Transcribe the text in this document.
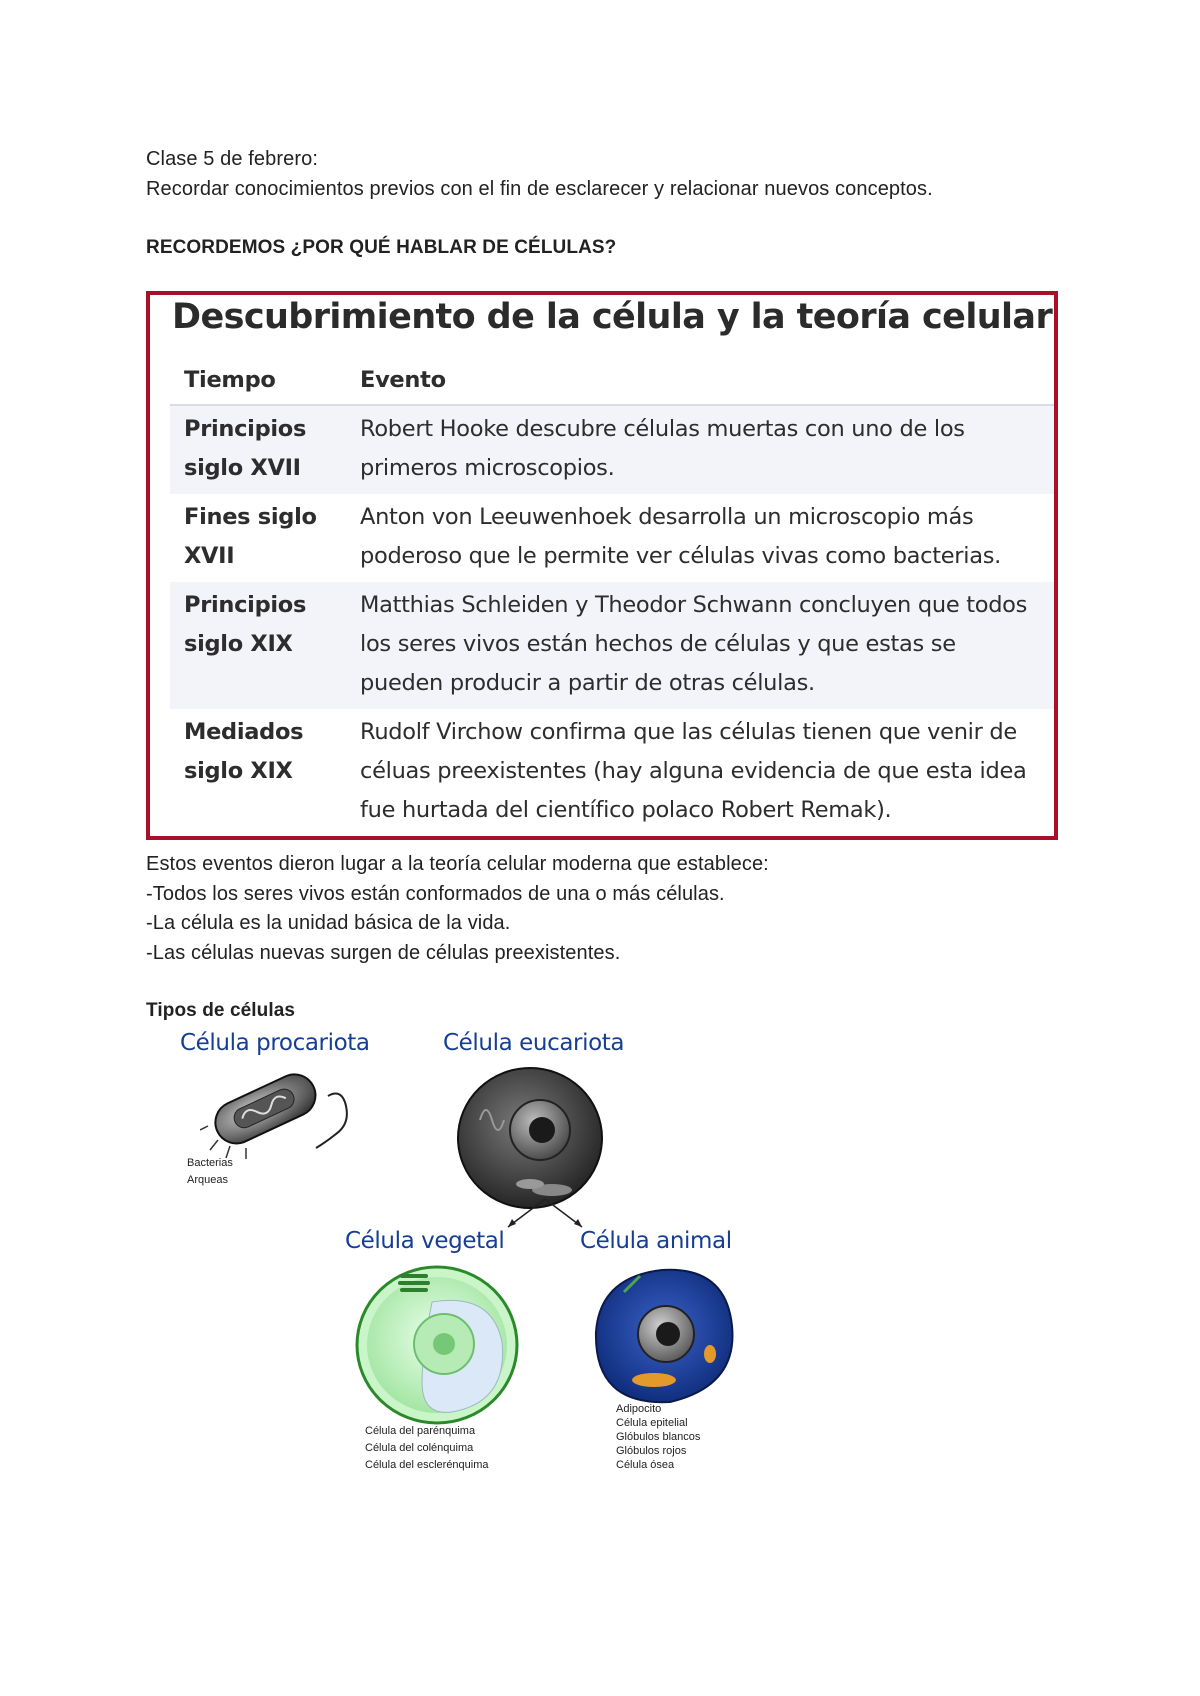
Clase 5 de febrero:
Recordar conocimientos previos con el fin de esclarecer y relacionar nuevos conceptos.
RECORDEMOS ¿POR QUÉ HABLAR DE CÉLULAS?
Descubrimiento de la célula y la teoría celular
Tiempo	Evento
Principios
siglo XVII	Robert Hooke descubre células muertas con uno de los
primeros microscopios.
Fines siglo
XVII	Anton von Leeuwenhoek desarrolla un microscopio más
poderoso que le permite ver células vivas como bacterias.
Principios
siglo XIX	Matthias Schleiden y Theodor Schwann concluyen que todos
los seres vivos están hechos de células y que estas se
pueden producir a partir de otras células.
Mediados
siglo XIX	Rudolf Virchow confirma que las células tienen que venir de
céluas preexistentes (hay alguna evidencia de que esta idea
fue hurtada del científico polaco Robert Remak).
Estos eventos dieron lugar a la teoría celular moderna que establece:
-Todos los seres vivos están conformados de una o más células.
-La célula es la unidad básica de la vida.
-Las células nuevas surgen de células preexistentes.
Tipos de células
Célula procariota	Célula eucariota
Célula vegetal	Célula animal
Bacterias
Arqueas
Célula del parénquima
Célula del colénquima
Célula del esclerénquima
Adipocito
Célula epitelial
Glóbulos blancos
Glóbulos rojos
Célula ósea
